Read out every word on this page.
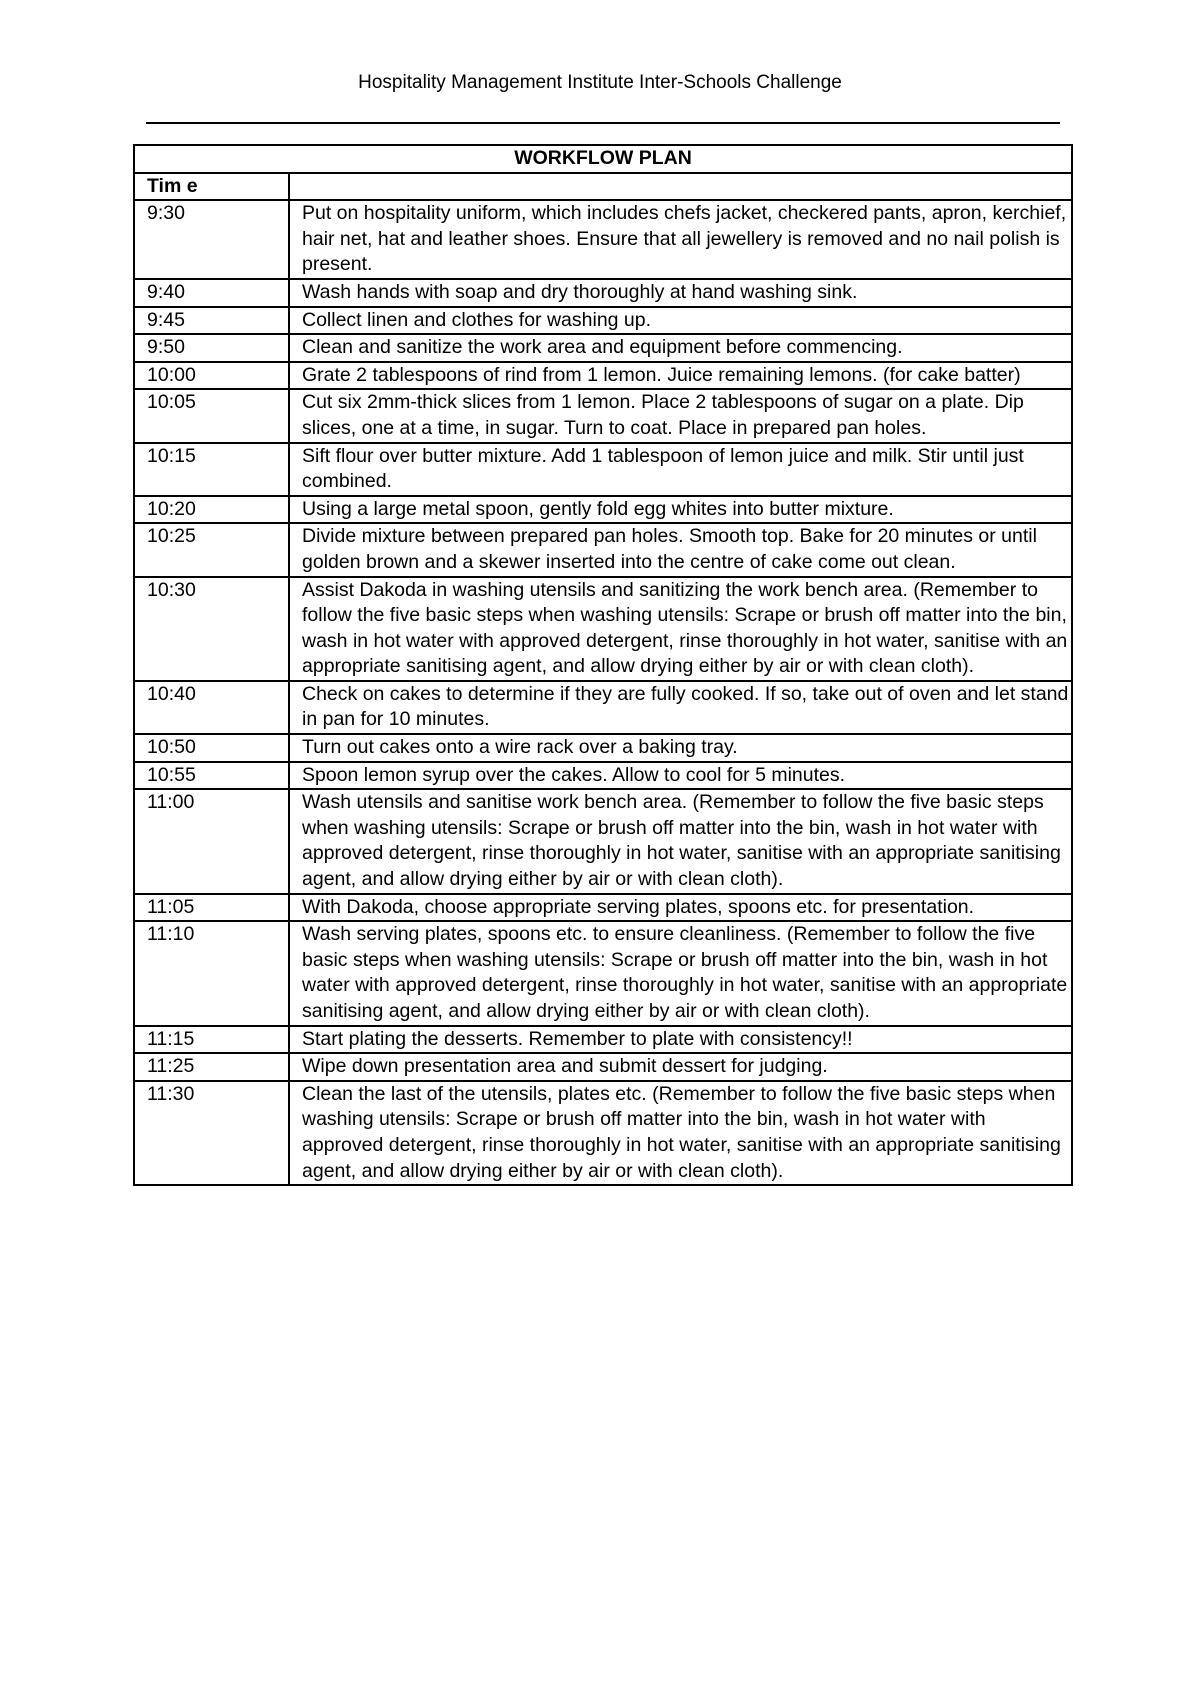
Hospitality Management Institute Inter-Schools Challenge
WORKFLOW PLAN	
Tim e	
9:30	Put on hospitality uniform, which includes chefs jacket, checkered pants, apron, kerchief, hair net, hat and leather shoes. Ensure that all jewellery is removed and no nail polish is present.
9:40	Wash hands with soap and dry thoroughly at hand washing sink.
9:45	Collect linen and clothes for washing up.
9:50	Clean and sanitize the work area and equipment before commencing.
10:00	Grate 2 tablespoons of rind from 1 lemon. Juice remaining lemons. (for cake batter)
10:05	Cut six 2mm-thick slices from 1 lemon. Place 2 tablespoons of sugar on a plate. Dip slices, one at a time, in sugar. Turn to coat. Place in prepared pan holes.
10:15	Sift flour over butter mixture. Add 1 tablespoon of lemon juice and milk. Stir until just combined.
10:20	Using a large metal spoon, gently fold egg whites into butter mixture.
10:25	Divide mixture between prepared pan holes. Smooth top. Bake for 20 minutes or until golden brown and a skewer inserted into the centre of cake come out clean.
10:30	Assist Dakoda in washing utensils and sanitizing the work bench area. (Remember to follow the five basic steps when washing utensils: Scrape or brush off matter into the bin, wash in hot water with approved detergent, rinse thoroughly in hot water, sanitise with an appropriate sanitising agent, and allow drying either by air or with clean cloth).
10:40	Check on cakes to determine if they are fully cooked. If so, take out of oven and let stand in pan for 10 minutes.
10:50	Turn out cakes onto a wire rack over a baking tray.
10:55	Spoon lemon syrup over the cakes. Allow to cool for 5 minutes.
11:00	Wash utensils and sanitise work bench area. (Remember to follow the five basic steps when washing utensils: Scrape or brush off matter into the bin, wash in hot water with approved detergent, rinse thoroughly in hot water, sanitise with an appropriate sanitising agent, and allow drying either by air or with clean cloth).
11:05	With Dakoda, choose appropriate serving plates, spoons etc. for presentation.
11:10	Wash serving plates, spoons etc. to ensure cleanliness. (Remember to follow the five basic steps when washing utensils: Scrape or brush off matter into the bin, wash in hot water with approved detergent, rinse thoroughly in hot water, sanitise with an appropriate sanitising agent, and allow drying either by air or with clean cloth).
11:15	Start plating the desserts. Remember to plate with consistency!!
11:25	Wipe down presentation area and submit dessert for judging.
11:30	Clean the last of the utensils, plates etc. (Remember to follow the five basic steps when washing utensils: Scrape or brush off matter into the bin, wash in hot water with approved detergent, rinse thoroughly in hot water, sanitise with an appropriate sanitising agent, and allow drying either by air or with clean cloth).
